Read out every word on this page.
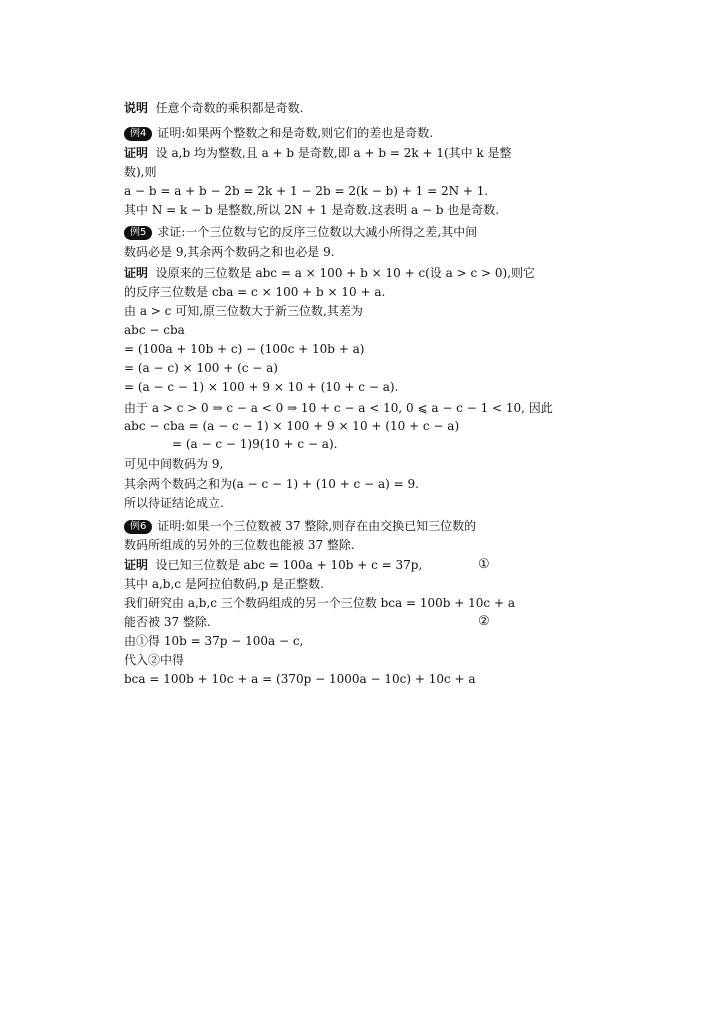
说明 任意个奇数的乘积都是奇数.
例4 证明:如果两个整数之和是奇数,则它们的差也是奇数.
证明 设 a,b 均为整数,且 a + b 是奇数,即 a + b = 2k + 1(其中 k 是整
数),则
a − b = a + b − 2b = 2k + 1 − 2b = 2(k − b) + 1 = 2N + 1.
其中 N = k − b 是整数,所以 2N + 1 是奇数.这表明 a − b 也是奇数.
例5 求证:一个三位数与它的反序三位数以大减小所得之差,其中间
数码必是 9,其余两个数码之和也必是 9.
证明 设原来的三位数是 abc = a × 100 + b × 10 + c(设 a > c > 0),则它
的反序三位数是 cba = c × 100 + b × 10 + a.
由 a > c 可知,原三位数大于新三位数,其差为
abc − cba
= (100a + 10b + c) − (100c + 10b + a)
= (a − c) × 100 + (c − a)
= (a − c − 1) × 100 + 9 × 10 + (10 + c − a).
由于 a > c > 0 ⇒ c − a < 0 ⇒ 10 + c − a < 10, 0 ⩽ a − c − 1 < 10, 因此
abc − cba = (a − c − 1) × 100 + 9 × 10 + (10 + c − a)
= (a − c − 1)9(10 + c − a).
可见中间数码为 9,
其余两个数码之和为(a − c − 1) + (10 + c − a) = 9.
所以待证结论成立.
例6 证明:如果一个三位数被 37 整除,则存在由交换已知三位数的
数码所组成的另外的三位数也能被 37 整除.
证明 设已知三位数是 abc = 100a + 10b + c = 37p,	①
其中 a,b,c 是阿拉伯数码,p 是正整数.
我们研究由 a,b,c 三个数码组成的另一个三位数 bca = 100b + 10c + a
能否被 37 整除.	②
由①得 10b = 37p − 100a − c,
代入②中得
bca = 100b + 10c + a = (370p − 1000a − 10c) + 10c + a
